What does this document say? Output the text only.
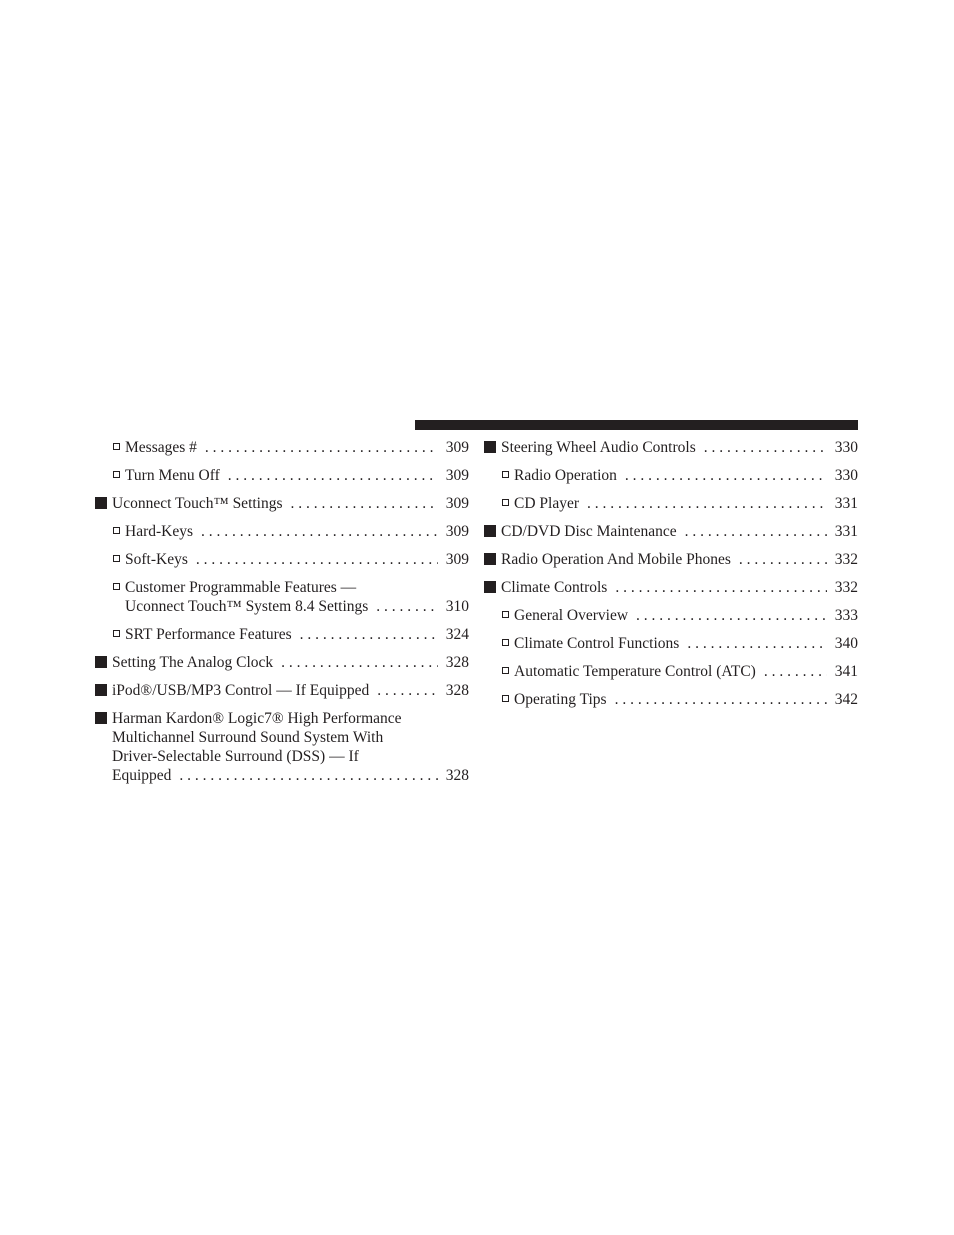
Messages # . . .	309
Turn Menu Off . . .	309
Uconnect Touch™ Settings . . .	309
Hard-Keys . . .	309
Soft-Keys . . .	309
Customer Programmable Features —
Uconnect Touch™ System 8.4 Settings . . .	310
SRT Performance Features . . .	324
Setting The Analog Clock . . .	328
iPod®/USB/MP3 Control — If Equipped . . .	328
Harman Kardon® Logic7® High Performance
Multichannel Surround Sound System With
Driver-Selectable Surround (DSS) — If
Equipped . . .	328
Steering Wheel Audio Controls . . .	330
Radio Operation . . .	330
CD Player . . .	331
CD/DVD Disc Maintenance . . .	331
Radio Operation And Mobile Phones . . .	332
Climate Controls . . .	332
General Overview . . .	333
Climate Control Functions . . .	340
Automatic Temperature Control (ATC) . . .	341
Operating Tips . . .	342
